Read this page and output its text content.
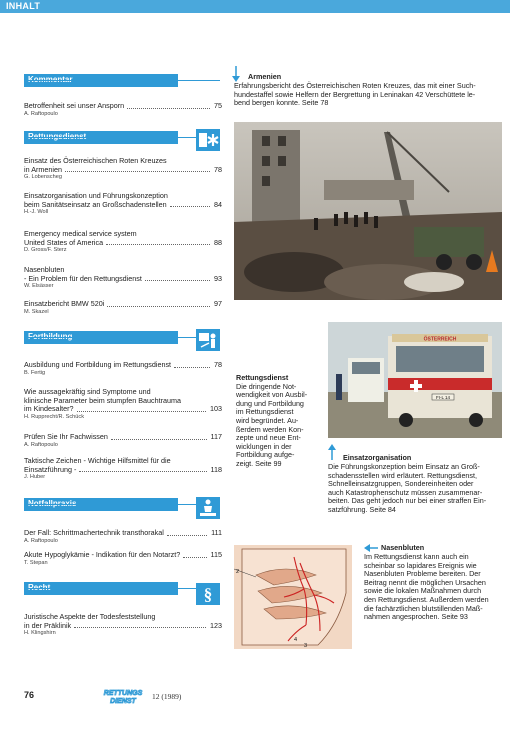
INHALT
§
Betroffenheit sei unser Ansporn	75
A. Raftopoulo
Einsatz des Österreichischen Roten Kreuzes
in Armenien	78
G. Lobenscheg
Einsatzorganisation und Führungskonzeption
beim Sanitätseinsatz an Großschadenstellen	84
H.-J. Woll
Emergency medical service system
United States of America	88
D. Gross/F. Sterz
Nasenbluten
- Ein Problem für den Rettungsdienst	93
W. Elsässer
Einsatzbericht BMW 520i	97
M. Skazel
Ausbildung und Fortbildung im Rettungsdienst	78
B. Fertig
Wie aussagekräftig sind Symptome und
klinische Parameter beim stumpfen Bauchtrauma
im Kindesalter?	103
H. Rupprecht/R. Schück
Prüfen Sie Ihr Fachwissen	117
A. Raftopoulo
Taktische Zeichen - Wichtige Hilfsmittel für die
Einsatzführung -	118
J. Huber
Der Fall: Schrittmachertechnik transthorakal	111
A. Raftopoulo
Akute Hypoglykämie - Indikation für den Notarzt?	115
T. Stepan
Juristische Aspekte der Todesfeststellung
in der Präklinik	123
H. Klingshirn
Armenien
Erfahrungsbericht des Österreichischen Roten Kreuzes, das mit einer Such-
hundestaffel sowie Helfern der Bergrettung in Leninakan 42 Verschüttete le-
bend bergen konnte. Seite 78
ÖSTERREICH
FI-L 14
Rettungsdienst
Die dringende Not-
wendigkeit von Ausbil-
dung und Fortbildung
im Rettungsdienst
wird begründet. Au-
ßerdem werden Kon-
zepte und neue Ent-
wicklungen in der
Fortbildung aufge-
zeigt. Seite 99
Einsatzorganisation
Die Führungskonzeption beim Einsatz an Groß-
schadensstellen wird erläutert. Rettungsdienst,
Schnelleinsatzgruppen, Sondereinheiten oder
auch Katastrophenschutz müssen zusammenar-
beiten. Das geht jedoch nur bei einer straffen Ein-
satzführung. Seite 84
2
4
3
Nasenbluten
Im Rettungsdienst kann auch ein
scheinbar so lapidares Ereignis wie
Nasenbluten Probleme bereiten. Der
Beitrag nennt die möglichen Ursachen
sowie die lokalen Maßnahmen durch
den Rettungsdienst. Außerdem werden
die fachärztlichen blutstillenden Maß-
nahmen angesprochen. Seite 93
76	RETTUNGS
DIENST
12 (1989)
